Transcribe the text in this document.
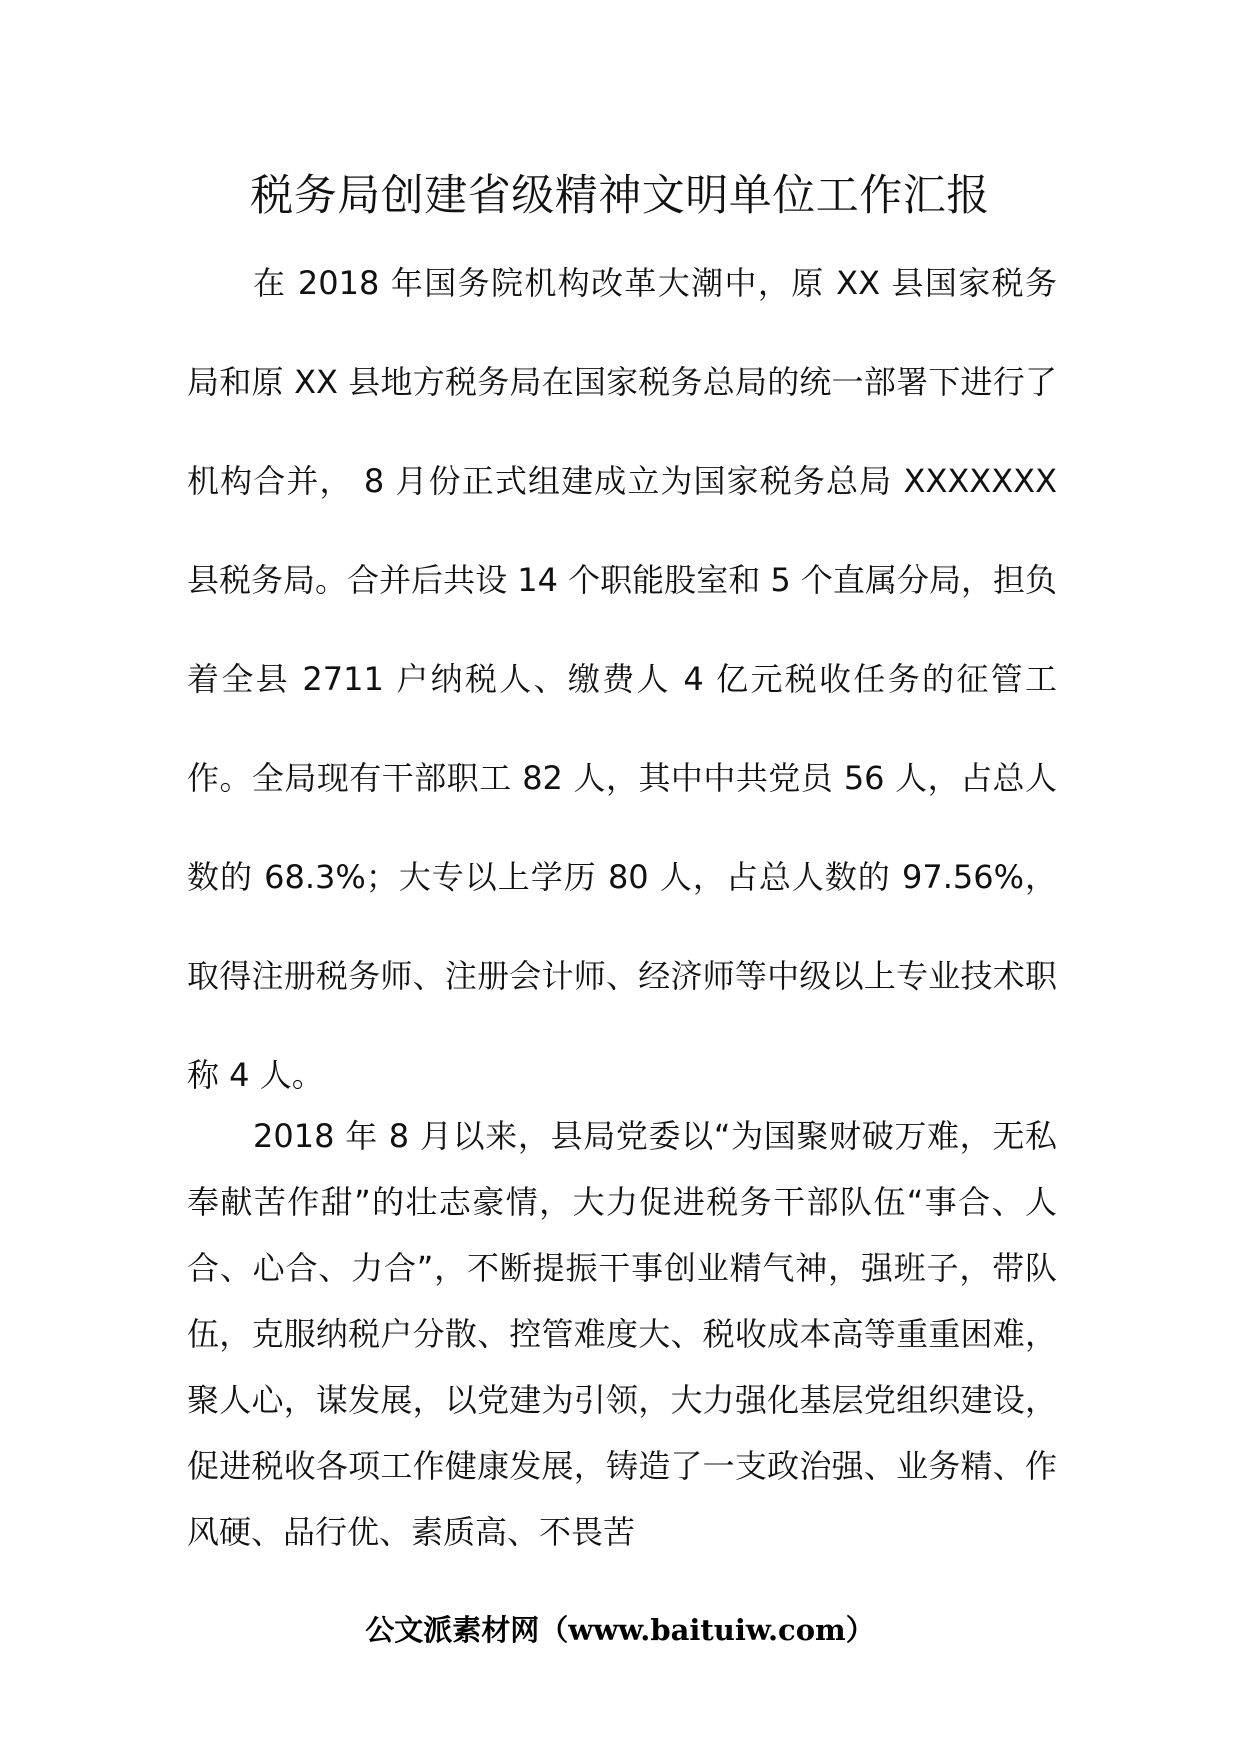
税务局创建省级精神文明单位工作汇报

在 2018 年国务院机构改革大潮中，原 XX 县国家税务局和原 XX 县地方税务局在国家税务总局的统一部署下进行了机构合并， 8 月份正式组建成立为国家税务总局 XXXXXXX 县税务局。合并后共设 14 个职能股室和 5 个直属分局，担负着全县 2711 户纳税人、缴费人 4 亿元税收任务的征管工作。全局现有干部职工 82 人，其中中共党员 56 人，占总人数的 68.3%；大专以上学历 80 人，占总人数的 97.56%，取得注册税务师、注册会计师、经济师等中级以上专业技术职称 4 人。

2018 年 8 月以来，县局党委以“为国聚财破万难，无私奉献苦作甜”的壮志豪情，大力促进税务干部队伍“事合、人合、心合、力合”，不断提振干事创业精气神，强班子，带队伍，克服纳税户分散、控管难度大、税收成本高等重重困难，聚人心，谋发展，以党建为引领，大力强化基层党组织建设，促进税收各项工作健康发展，铸造了一支政治强、业务精、作风硬、品行优、素质高、不畏苦

公文派素材网（www.baituiw.com）
